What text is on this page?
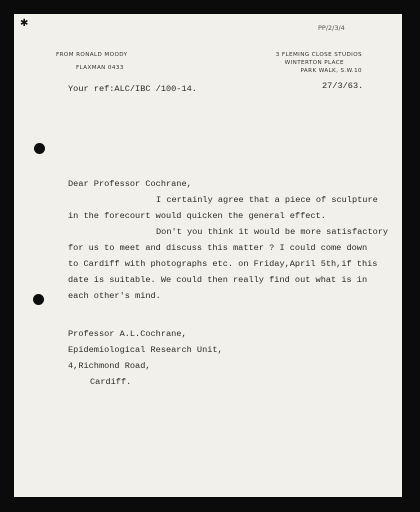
✱	PP/2/3/4
FROM RONALD MOODY
FLAXMAN 0433
3 FLEMING CLOSE STUDIOS
WINTERTON PLACE
PARK WALK, S.W.10
Your ref:ALC/IBC /100-14.	27/3/63.
Dear Professor Cochrane,
I certainly agree that a piece of sculpture
in the forecourt would quicken the general effect.
Don't you think it would be more satisfactory
for us to meet and discuss this matter ? I could come down
to Cardiff with photographs etc. on Friday,April 5th,if this
date is suitable. We could then really find out what is in
each other's mind.
Professor A.L.Cochrane,
Epidemiological Research Unit,
4,Richmond Road,
Cardiff.
